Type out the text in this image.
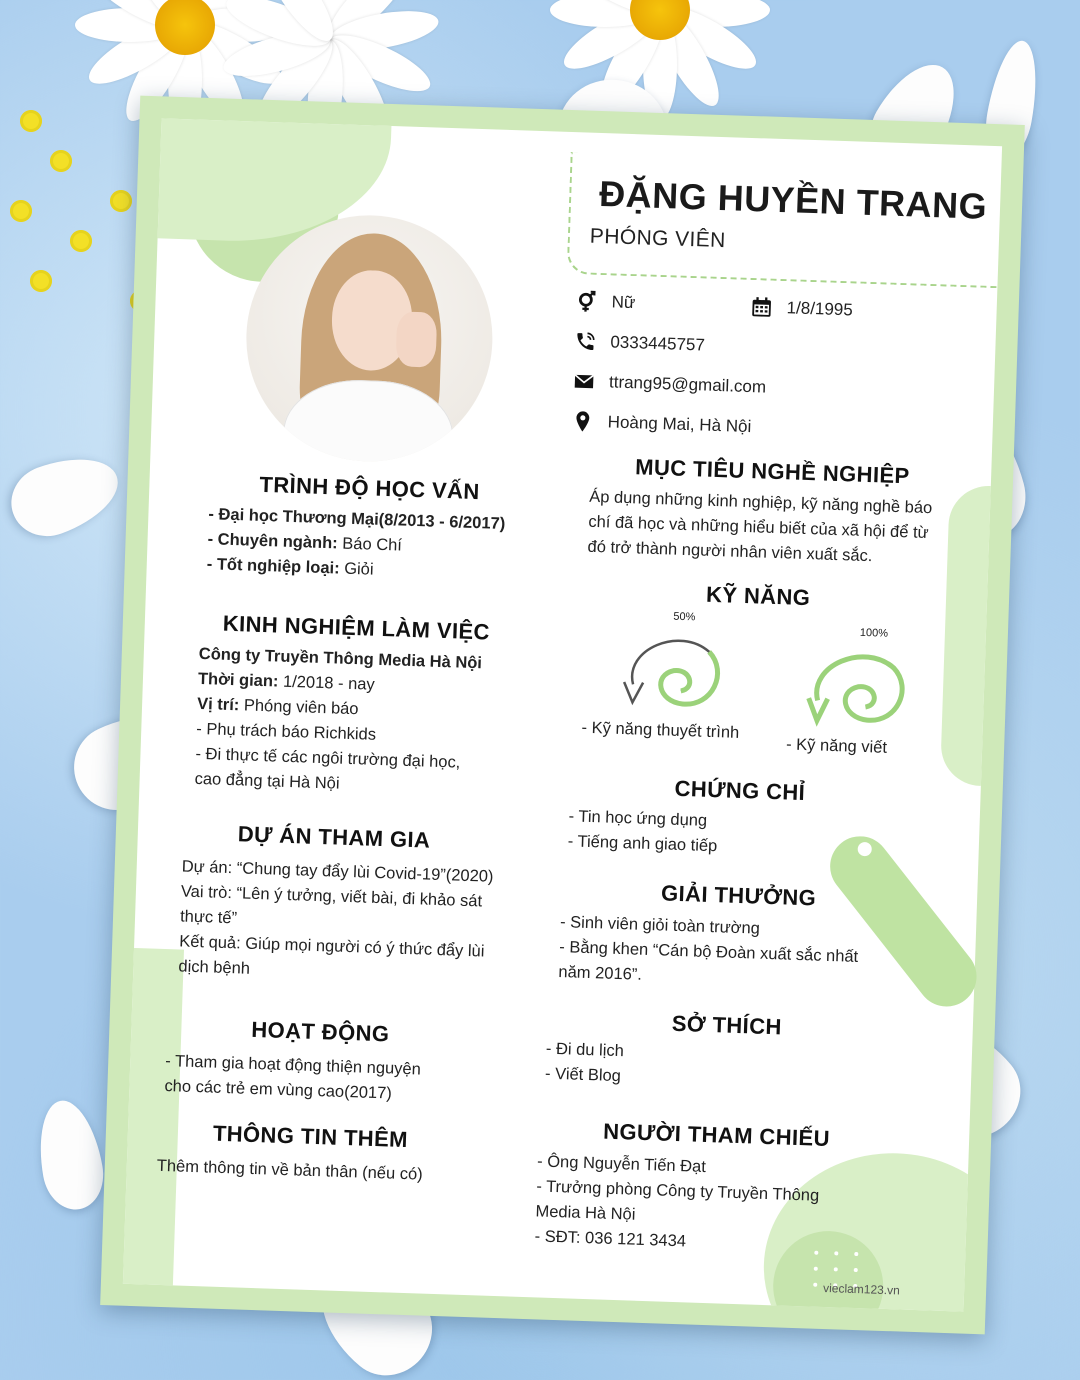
ĐẶNG HUYỀN TRANG
PHÓNG VIÊN
Nữ	1/8/1995
0333445757
ttrang95@gmail.com
Hoàng Mai, Hà Nội
TRÌNH ĐỘ HỌC VẤN
- Đại học Thương Mại(8/2013 - 6/2017)
- Chuyên ngành: Báo Chí
- Tốt nghiệp loại: Giỏi
KINH NGHIỆM LÀM VIỆC
Công ty Truyền Thông Media Hà Nội
Thời gian: 1/2018 - nay
Vị trí: Phóng viên báo
- Phụ trách báo Richkids
- Đi thực tế các ngôi trường đại học,
cao đẳng tại Hà Nội
DỰ ÁN THAM GIA
Dự án: “Chung tay đẩy lùi Covid-19”(2020)
Vai trò: “Lên ý tưởng, viết bài, đi khảo sát
thực tế”
Kết quả: Giúp mọi người có ý thức đẩy lùi
dịch bệnh
HOẠT ĐỘNG
- Tham gia hoạt động thiện nguyện
cho các trẻ em vùng cao(2017)
THÔNG TIN THÊM
Thêm thông tin về bản thân (nếu có)
MỤC TIÊU NGHỀ NGHIỆP
Áp dụng những kinh nghiệp, kỹ năng nghề báo
chí đã học và những hiểu biết của xã hội để từ
đó trở thành người nhân viên xuất sắc.
KỸ NĂNG
50%
- Kỹ năng thuyết trình
100%
- Kỹ năng viết
CHỨNG CHỈ
- Tin học ứng dụng
- Tiếng anh giao tiếp
GIẢI THƯỞNG
- Sinh viên giỏi toàn trường
- Bằng khen “Cán bộ Đoàn xuất sắc nhất
năm 2016”.
SỞ THÍCH
- Đi du lịch
- Viết Blog
NGƯỜI THAM CHIẾU
- Ông Nguyễn Tiến Đạt
- Trưởng phòng Công ty Truyền Thông
Media Hà Nội
- SĐT: 036 121 3434
vieclam123.vn
